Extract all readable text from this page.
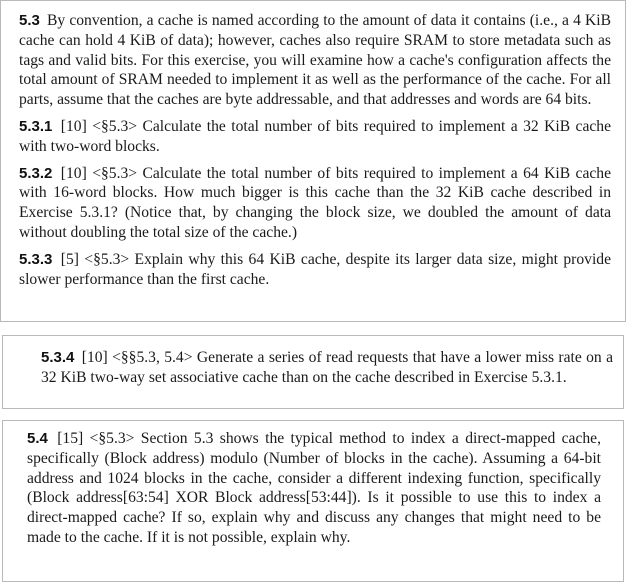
5.3 By convention, a cache is named according to the amount of data it contains (i.e., a 4 KiB cache can hold 4 KiB of data); however, caches also require SRAM to store metadata such as tags and valid bits. For this exercise, you will examine how a cache's configuration affects the total amount of SRAM needed to implement it as well as the performance of the cache. For all parts, assume that the caches are byte addressable, and that addresses and words are 64 bits.

5.3.1 [10] <§5.3> Calculate the total number of bits required to implement a 32 KiB cache with two-word blocks.

5.3.2 [10] <§5.3> Calculate the total number of bits required to implement a 64 KiB cache with 16-word blocks. How much bigger is this cache than the 32 KiB cache described in Exercise 5.3.1? (Notice that, by changing the block size, we doubled the amount of data without doubling the total size of the cache.)

5.3.3 [5] <§5.3> Explain why this 64 KiB cache, despite its larger data size, might provide slower performance than the first cache.

5.3.4 [10] <§§5.3, 5.4> Generate a series of read requests that have a lower miss rate on a 32 KiB two-way set associative cache than on the cache described in Exercise 5.3.1.

5.4 [15] <§5.3> Section 5.3 shows the typical method to index a direct-mapped cache, specifically (Block address) modulo (Number of blocks in the cache). Assuming a 64-bit address and 1024 blocks in the cache, consider a different indexing function, specifically (Block address[63:54] XOR Block address[53:44]). Is it possible to use this to index a direct-mapped cache? If so, explain why and discuss any changes that might need to be made to the cache. If it is not possible, explain why.
